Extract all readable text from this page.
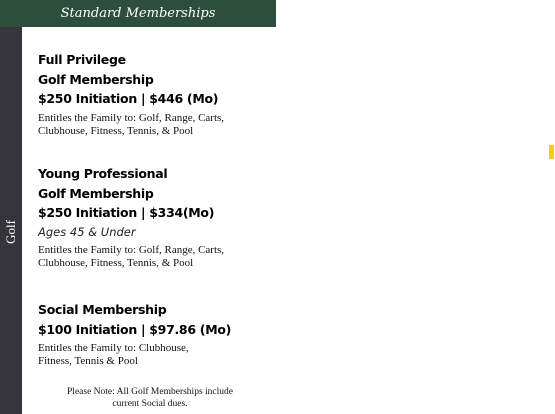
Standard Memberships
Golf
Full Privilege
Golf Membership
$250 Initiation | $446 (Mo)

Entitles the Family to: Golf, Range, Carts,
Clubhouse, Fitness, Tennis, & Pool

Young Professional
Golf Membership
$250 Initiation | $334(Mo)

Ages 45 & Under

Entitles the Family to: Golf, Range, Carts,
Clubhouse, Fitness, Tennis, & Pool

Social Membership
$100 Initiation | $97.86 (Mo)

Entitles the Family to: Clubhouse,
Fitness, Tennis & Pool

Please Note: All Golf Memberships include
current Social dues.
